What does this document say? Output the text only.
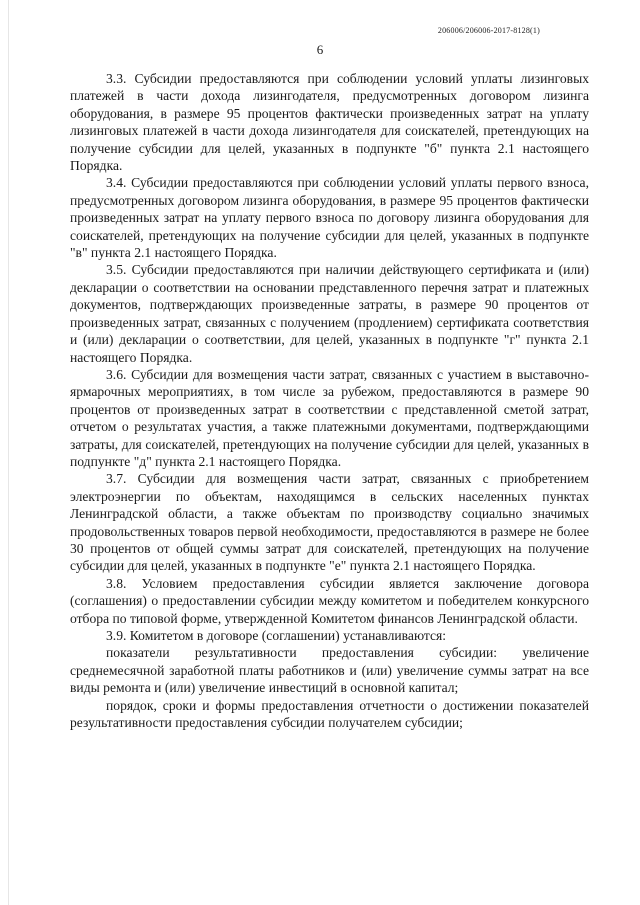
206006/206006-2017-8128(1)
6

3.3. Субсидии предоставляются при соблюдении условий уплаты лизинговых платежей в части дохода лизингодателя, предусмотренных договором лизинга оборудования, в размере 95 процентов фактически произведенных затрат на уплату лизинговых платежей в части дохода лизингодателя для соискателей, претендующих на получение субсидии для целей, указанных в подпункте "б" пункта 2.1 настоящего Порядка.

3.4. Субсидии предоставляются при соблюдении условий уплаты первого взноса, предусмотренных договором лизинга оборудования, в размере 95 процентов фактически произведенных затрат на уплату первого взноса по договору лизинга оборудования для соискателей, претендующих на получение субсидии для целей, указанных в подпункте "в" пункта 2.1 настоящего Порядка.

3.5. Субсидии предоставляются при наличии действующего сертификата и (или) декларации о соответствии на основании представленного перечня затрат и платежных документов, подтверждающих произведенные затраты, в размере 90 процентов от произведенных затрат, связанных с получением (продлением) сертификата соответствия и (или) декларации о соответствии, для целей, указанных в подпункте "г" пункта 2.1 настоящего Порядка.

3.6. Субсидии для возмещения части затрат, связанных с участием в выставочно-ярмарочных мероприятиях, в том числе за рубежом, предоставляются в размере 90 процентов от произведенных затрат в соответствии с представленной сметой затрат, отчетом о результатах участия, а также платежными документами, подтверждающими затраты, для соискателей, претендующих на получение субсидии для целей, указанных в подпункте "д" пункта 2.1 настоящего Порядка.

3.7. Субсидии для возмещения части затрат, связанных с приобретением электроэнергии по объектам, находящимся в сельских населенных пунктах Ленинградской области, а также объектам по производству социально значимых продовольственных товаров первой необходимости, предоставляются в размере не более 30 процентов от общей суммы затрат для соискателей, претендующих на получение субсидии для целей, указанных в подпункте "е" пункта 2.1 настоящего Порядка.

3.8. Условием предоставления субсидии является заключение договора (соглашения) о предоставлении субсидии между комитетом и победителем конкурсного отбора по типовой форме, утвержденной Комитетом финансов Ленинградской области.

3.9. Комитетом в договоре (соглашении) устанавливаются:

показатели результативности предоставления субсидии: увеличение среднемесячной заработной платы работников и (или) увеличение суммы затрат на все виды ремонта и (или) увеличение инвестиций в основной капитал;

порядок, сроки и формы предоставления отчетности о достижении показателей результативности предоставления субсидии получателем субсидии;
